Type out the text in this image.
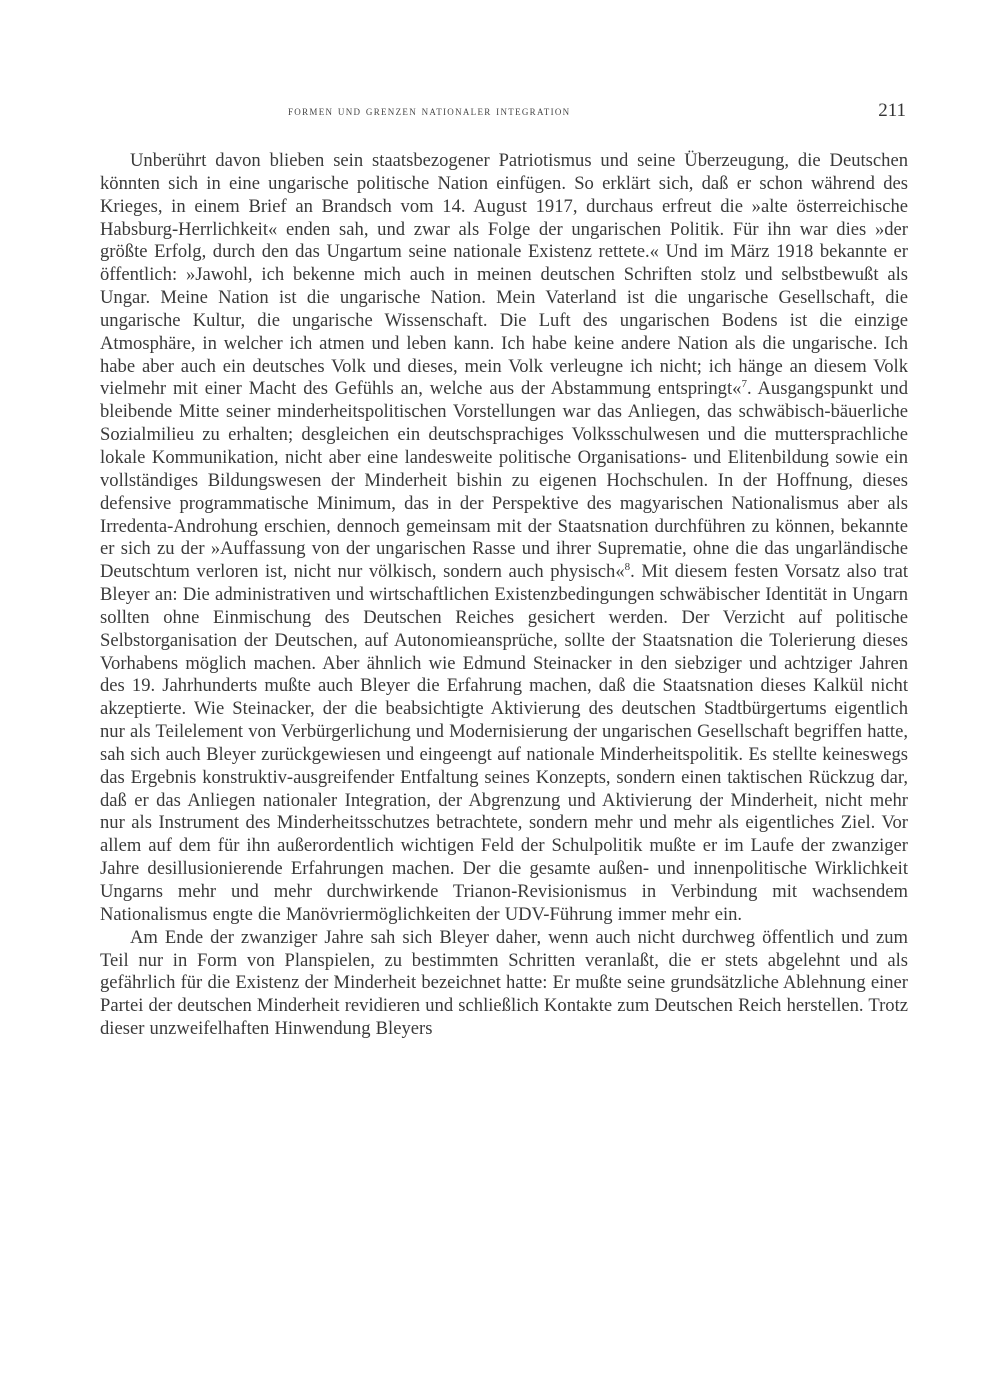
formen und grenzen nationaler integration	211

Unberührt davon blieben sein staatsbezogener Patriotismus und seine Überzeugung, die Deutschen könnten sich in eine ungarische politische Nation einfügen. So erklärt sich, daß er schon während des Krieges, in einem Brief an Brandsch vom 14. August 1917, durchaus erfreut die »alte österreichische Habsburg-Herrlichkeit« enden sah, und zwar als Folge der ungarischen Politik. Für ihn war dies »der größte Erfolg, durch den das Ungartum seine nationale Existenz rettete.« Und im März 1918 bekannte er öffentlich: »Jawohl, ich bekenne mich auch in meinen deutschen Schriften stolz und selbstbewußt als Ungar. Meine Nation ist die ungarische Nation. Mein Vaterland ist die ungarische Gesellschaft, die ungarische Kultur, die ungarische Wissenschaft. Die Luft des ungarischen Bodens ist die einzige Atmosphäre, in welcher ich atmen und leben kann. Ich habe keine andere Nation als die ungarische. Ich habe aber auch ein deutsches Volk und dieses, mein Volk verleugne ich nicht; ich hänge an diesem Volk vielmehr mit einer Macht des Gefühls an, welche aus der Abstammung entspringt«$^7$. Ausgangspunkt und bleibende Mitte seiner minderheitspolitischen Vorstellungen war das Anliegen, das schwäbisch-bäuerliche Sozialmilieu zu erhalten; desgleichen ein deutschsprachiges Volksschulwesen und die muttersprachliche lokale Kommunikation, nicht aber eine landesweite politische Organisations- und Elitenbildung sowie ein vollständiges Bildungswesen der Minderheit bishin zu eigenen Hochschulen. In der Hoffnung, dieses defensive programmatische Minimum, das in der Perspektive des magyarischen Nationalismus aber als Irredenta-Androhung erschien, dennoch gemeinsam mit der Staatsnation durchführen zu können, bekannte er sich zu der »Auffassung von der ungarischen Rasse und ihrer Suprematie, ohne die das ungarländische Deutschtum verloren ist, nicht nur völkisch, sondern auch physisch«$^8$. Mit diesem festen Vorsatz also trat Bleyer an: Die administrativen und wirtschaftlichen Existenzbedingungen schwäbischer Identität in Ungarn sollten ohne Einmischung des Deutschen Reiches gesichert werden. Der Verzicht auf politische Selbstorganisation der Deutschen, auf Autonomieansprüche, sollte der Staatsnation die Tolerierung dieses Vorhabens möglich machen. Aber ähnlich wie Edmund Steinacker in den siebziger und achtziger Jahren des 19. Jahrhunderts mußte auch Bleyer die Erfahrung machen, daß die Staatsnation dieses Kalkül nicht akzeptierte. Wie Steinacker, der die beabsichtigte Aktivierung des deutschen Stadtbürgertums eigentlich nur als Teilelement von Verbürgerlichung und Modernisierung der ungarischen Gesellschaft begriffen hatte, sah sich auch Bleyer zurückgewiesen und eingeengt auf nationale Minderheitspolitik. Es stellte keineswegs das Ergebnis konstruktiv-ausgreifender Entfaltung seines Konzepts, sondern einen taktischen Rückzug dar, daß er das Anliegen nationaler Integration, der Abgrenzung und Aktivierung der Minderheit, nicht mehr nur als Instrument des Minderheitsschutzes betrachtete, sondern mehr und mehr als eigentliches Ziel. Vor allem auf dem für ihn außerordentlich wichtigen Feld der Schulpolitik mußte er im Laufe der zwanziger Jahre desillusionierende Erfahrungen machen. Der die gesamte außen- und innenpolitische Wirklichkeit Ungarns mehr und mehr durchwirkende Trianon-Revisionismus in Verbindung mit wachsendem Nationalismus engte die Manövriermöglichkeiten der UDV-Führung immer mehr ein.

Am Ende der zwanziger Jahre sah sich Bleyer daher, wenn auch nicht durchweg öffentlich und zum Teil nur in Form von Planspielen, zu bestimmten Schritten veranlaßt, die er stets abgelehnt und als gefährlich für die Existenz der Minderheit bezeichnet hatte: Er mußte seine grundsätzliche Ablehnung einer Partei der deutschen Minderheit revidieren und schließlich Kontakte zum Deutschen Reich herstellen. Trotz dieser unzweifelhaften Hinwendung Bleyers
